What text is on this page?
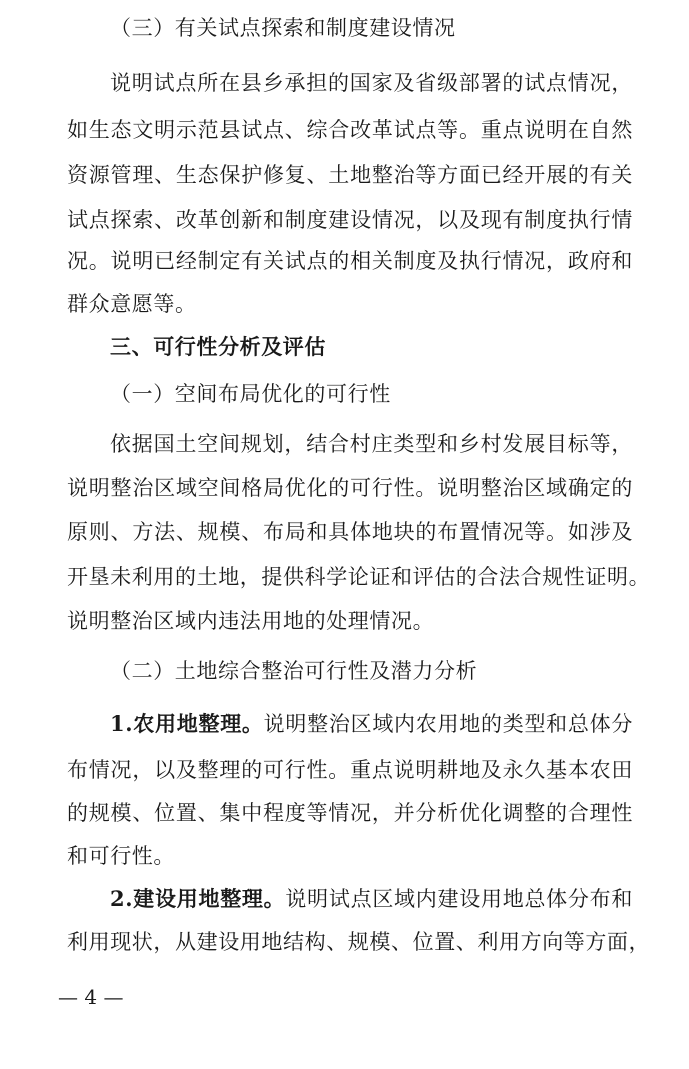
（三）有关试点探索和制度建设情况
说明试点所在县乡承担的国家及省级部署的试点情况，
如生态文明示范县试点、综合改革试点等。重点说明在自然
资源管理、生态保护修复、土地整治等方面已经开展的有关
试点探索、改革创新和制度建设情况，以及现有制度执行情
况。说明已经制定有关试点的相关制度及执行情况，政府和
群众意愿等。
三、可行性分析及评估
（一）空间布局优化的可行性
依据国土空间规划，结合村庄类型和乡村发展目标等，
说明整治区域空间格局优化的可行性。说明整治区域确定的
原则、方法、规模、布局和具体地块的布置情况等。如涉及
开垦未利用的土地，提供科学论证和评估的合法合规性证明。
说明整治区域内违法用地的处理情况。
（二）土地综合整治可行性及潜力分析
1.农用地整理。说明整治区域内农用地的类型和总体分
布情况，以及整理的可行性。重点说明耕地及永久基本农田
的规模、位置、集中程度等情况，并分析优化调整的合理性
和可行性。
2.建设用地整理。说明试点区域内建设用地总体分布和
利用现状，从建设用地结构、规模、位置、利用方向等方面，
— 4 —
